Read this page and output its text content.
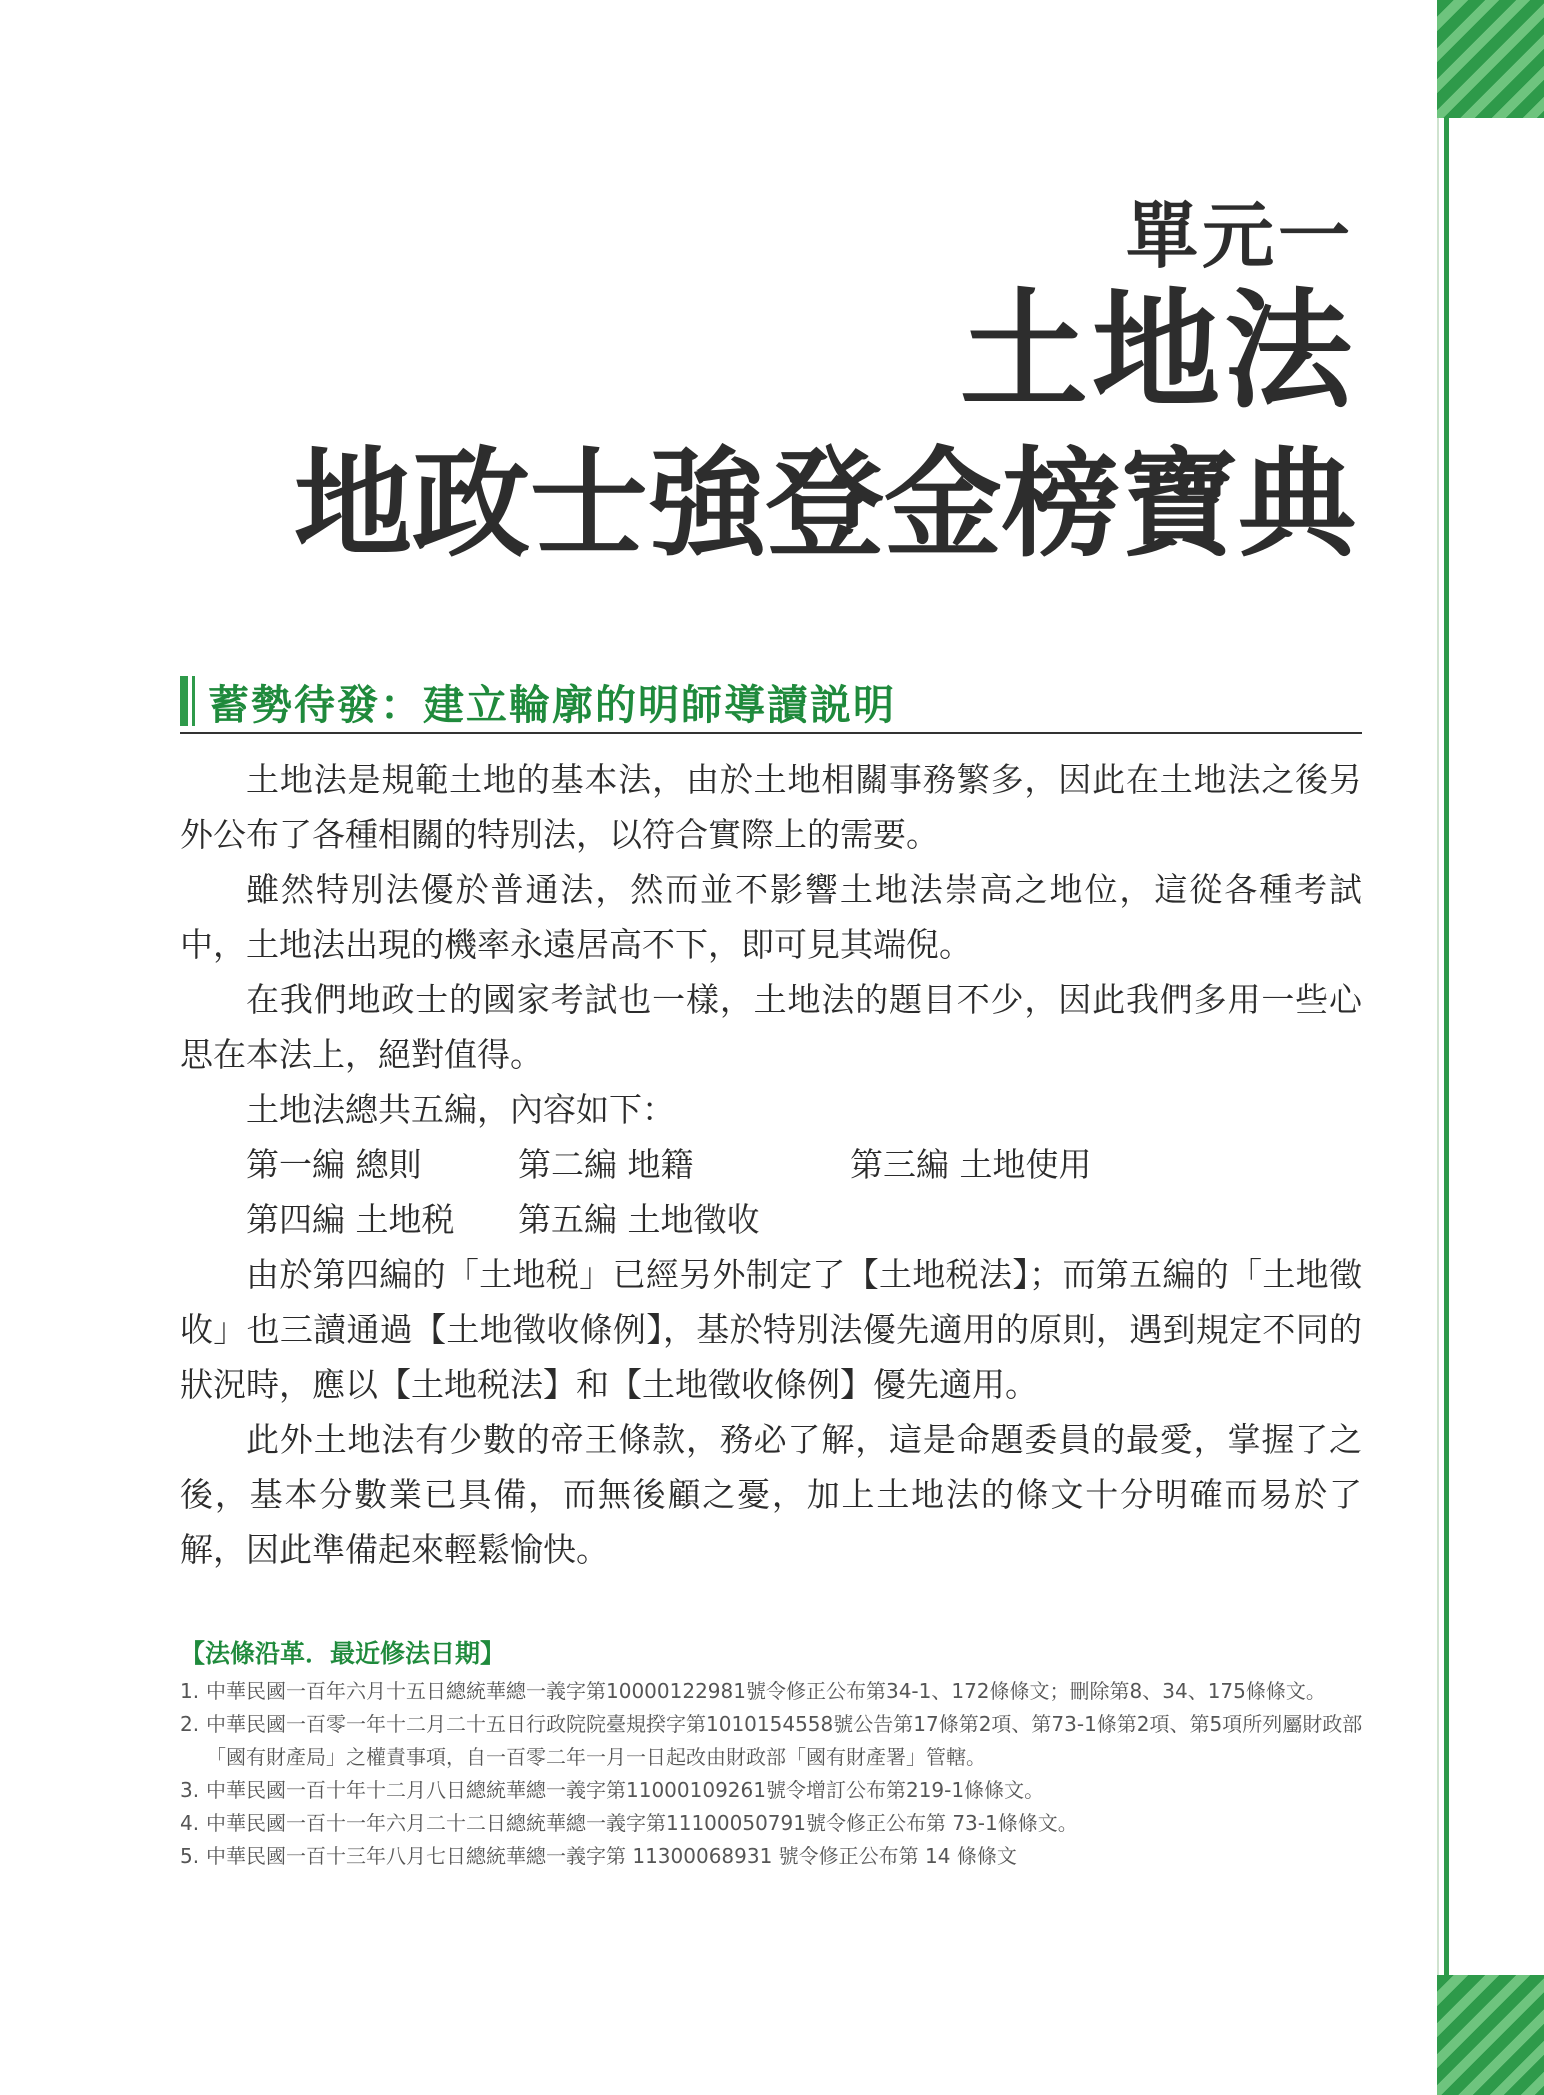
單元一
土地法
地政士強登金榜寶典
蓄勢待發：建立輪廓的明師導讀説明

土地法是規範土地的基本法，由於土地相關事務繁多，因此在土地法之後另外公布了各種相關的特別法，以符合實際上的需要。

雖然特別法優於普通法，然而並不影響土地法崇高之地位，這從各種考試中，土地法出現的機率永遠居高不下，即可見其端倪。

在我們地政士的國家考試也一樣，土地法的題目不少，因此我們多用一些心思在本法上，絕對值得。

土地法總共五編，內容如下：

第一編 總則	第二編 地籍	第三編 土地使用
第四編 土地税 第五編 土地徵收

由於第四編的「土地税」已經另外制定了【土地税法】；而第五編的「土地徵收」也三讀通過【土地徵收條例】，基於特別法優先適用的原則，遇到規定不同的狀況時，應以【土地税法】和【土地徵收條例】優先適用。

此外土地法有少數的帝王條款，務必了解，這是命題委員的最愛，掌握了之後，基本分數業已具備，而無後顧之憂，加上土地法的條文十分明確而易於了解，因此準備起來輕鬆愉快。

【法條沿革．最近修法日期】
1. 中華民國一百年六月十五日總統華總一義字第10000122981號令修正公布第34-1、172條條文；刪除第8、34、175條條文。
2. 中華民國一百零一年十二月二十五日行政院院臺規揆字第1010154558號公告第17條第2項、第73-1條第2項、第5項所列屬財政部「國有財產局」之權責事項，自一百零二年一月一日起改由財政部「國有財產署」管轄。
3. 中華民國一百十年十二月八日總統華總一義字第11000109261號令增訂公布第219-1條條文。
4. 中華民國一百十一年六月二十二日總統華總一義字第11100050791號令修正公布第 73-1條條文。
5. 中華民國一百十三年八月七日總統華總一義字第 11300068931 號令修正公布第 14 條條文
